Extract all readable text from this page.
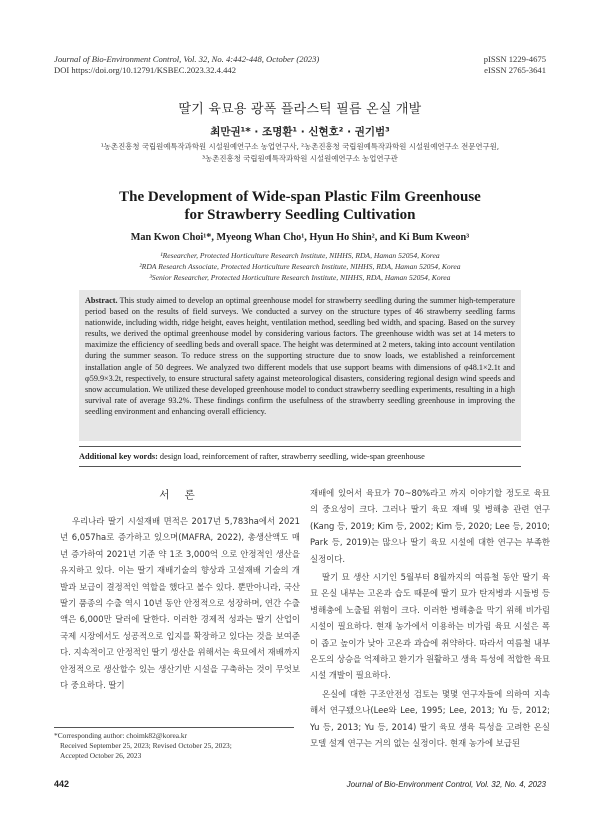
Journal of Bio-Environment Control, Vol. 32, No. 4:442-448, October (2023)
DOI https://doi.org/10.12791/KSBEC.2023.32.4.442
pISSN 1229-4675
eISSN 2765-3641
딸기 육묘용 광폭 플라스틱 필름 온실 개발
최만권¹* · 조명환¹ · 신현호² · 권기범³
¹농촌진흥청 국립원예특작과학원 시설원예연구소 농업연구사, ²농촌진흥청 국립원예특작과학원 시설원예연구소 전문연구원,
³농촌진흥청 국립원예특작과학원 시설원예연구소 농업연구관
The Development of Wide-span Plastic Film Greenhouse
for Strawberry Seedling Cultivation
Man Kwon Choi¹*, Myeong Whan Cho¹, Hyun Ho Shin², and Ki Bum Kweon³
¹Researcher, Protected Horticulture Research Institute, NIHHS, RDA, Haman 52054, Korea
²RDA Research Associate, Protected Horticulture Research Institute, NIHHS, RDA, Haman 52054, Korea
³Senior Researcher, Protected Horticulture Research Institute, NIHHS, RDA, Haman 52054, Korea
Abstract. This study aimed to develop an optimal greenhouse model for strawberry seedling during the summer high-temperature period based on the results of field surveys. We conducted a survey on the structure types of 46 strawberry seedling farms nationwide, including width, ridge height, eaves height, ventilation method, seedling bed width, and spacing. Based on the survey results, we derived the optimal greenhouse model by considering various factors. The greenhouse width was set at 14 meters to maximize the efficiency of seedling beds and overall space. The height was determined at 2 meters, taking into account ventilation during the summer season. To reduce stress on the supporting structure due to snow loads, we established a reinforcement installation angle of 50 degrees. We analyzed two different models that use support beams with dimensions of φ48.1×2.1t and φ59.9×3.2t, respectively, to ensure structural safety against meteorological disasters, considering regional design wind speeds and snow accumulation. We utilized these developed greenhouse model to conduct strawberry seedling experiments, resulting in a high survival rate of average 93.2%. These findings confirm the usefulness of the strawberry seedling greenhouse in improving the seedling environment and enhancing overall efficiency.
Additional key words: design load, reinforcement of rafter, strawberry seedling, wide-span greenhouse
서 론

우리나라 딸기 시설재배 면적은 2017년 5,783ha에서 2021년 6,057ha로 증가하고 있으며(MAFRA, 2022), 총생산액도 매년 증가하여 2021년 기준 약 1조 3,000억 으로 안정적인 생산을 유지하고 있다. 이는 딸기 재배기술의 향상과 고설재배 기술의 개발과 보급이 결정적인 역할을 했다고 볼수 있다. 뿐만아니라, 국산 딸기 품종의 수출 역시 10년 동안 안정적으로 성장하며, 연간 수출액은 6,000만 달러에 달한다. 이러한 경제적 성과는 딸기 산업이 국제 시장에서도 성공적으로 입지를 확장하고 있다는 것을 보여준다. 지속적이고 안정적인 딸기 생산을 위해서는 육묘에서 재배까지 안정적으로 생산할수 있는 생산기반 시설을 구축하는 것이 무엇보다 중요하다. 딸기

재배에 있어서 육묘가 70~80%라고 까지 이야기할 정도로 육묘의 중요성이 크다. 그러나 딸기 육묘 재배 및 병해충 관련 연구(Kang 등, 2019; Kim 등, 2002; Kim 등, 2020; Lee 등, 2010; Park 등, 2019)는 많으나 딸기 육묘 시설에 대한 연구는 부족한 실정이다.

딸기 묘 생산 시기인 5월부터 8월까지의 여름철 동안 딸기 육묘 온실 내부는 고온과 습도 때문에 딸기 묘가 탄저병과 시들병 등 병해충에 노출될 위험이 크다. 이러한 병해충을 막기 위해 비가림 시설이 필요하다. 현재 농가에서 이용하는 비가림 육묘 시설은 폭이 좁고 높이가 낮아 고온과 과습에 취약하다. 따라서 여름철 내부 온도의 상승을 억제하고 환기가 원활하고 생육 특성에 적합한 육묘 시설 개발이 필요하다.

온실에 대한 구조안전성 검토는 몇몇 연구자들에 의하여 지속해서 연구됐으나(Lee와 Lee, 1995; Lee, 2013; Yu 등, 2012; Yu 등, 2013; Yu 등, 2014) 딸기 육묘 생육 특성을 고려한 온실 모델 설계 연구는 거의 없는 실정이다. 현재 농가에 보급된

*Corresponding author: choimk82@korea.kr
Received September 25, 2023; Revised October 25, 2023;
Accepted October 26, 2023
442	Journal of Bio-Environment Control, Vol. 32, No. 4, 2023
